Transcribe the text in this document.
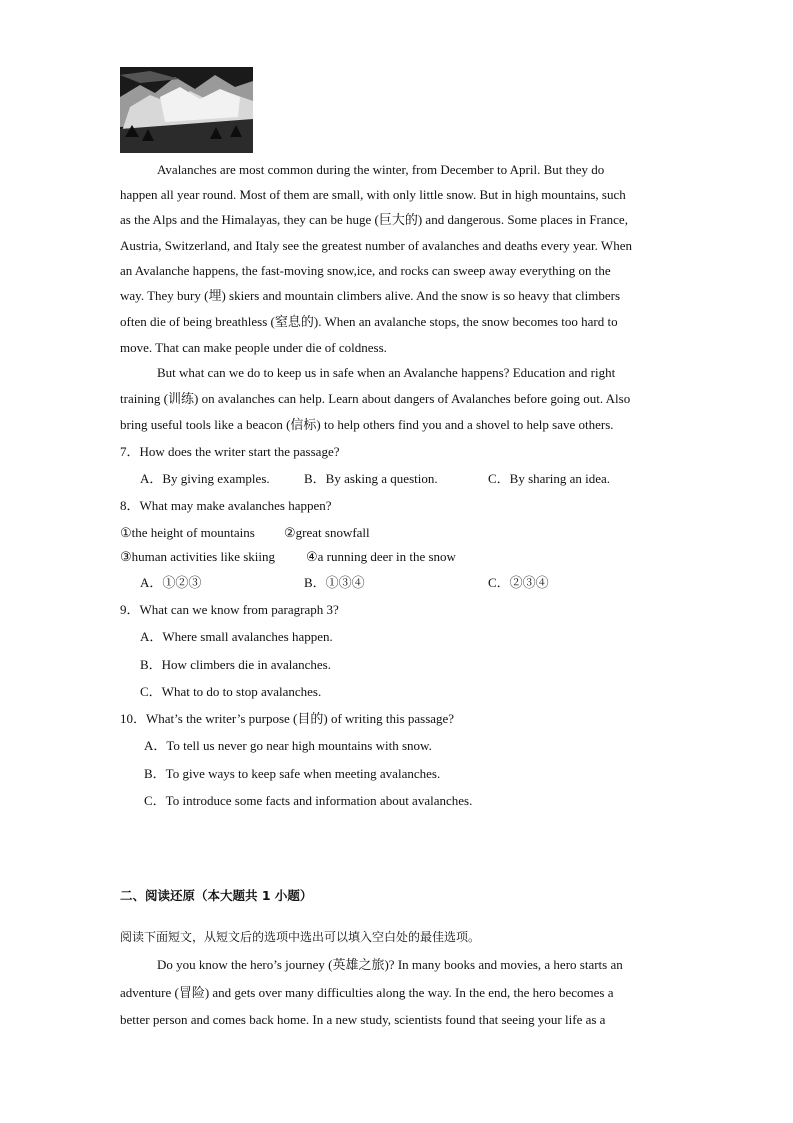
Avalanches are most common during the winter, from December to April. But they do
happen all year round. Most of them are small, with only little snow. But in high mountains, such
as the Alps and the Himalayas, they can be huge (巨大的) and dangerous. Some places in France,
Austria, Switzerland, and Italy see the greatest number of avalanches and deaths every year. When
an Avalanche happens, the fast-moving snow,ice, and rocks can sweep away everything on the
way. They bury (埋) skiers and mountain climbers alive. And the snow is so heavy that climbers
often die of being breathless (窒息的). When an avalanche stops, the snow becomes too hard to
move. That can make people under die of coldness.
But what can we do to keep us in safe when an Avalanche happens? Education and right
training (训练) on avalanches can help. Learn about dangers of Avalanches before going out. Also
bring useful tools like a beacon (信标) to help others find you and a shovel to help save others.
7．How does the writer start the passage?
A．By giving examples.	B．By asking a question.	C．By sharing an idea.
8．What may make avalanches happen?
①the height of mountains ②great snowfall
③human activities like skiing ④a running deer in the snow
A．①②③	B．①③④	C．②③④
9．What can we know from paragraph 3?
A．Where small avalanches happen.
B．How climbers die in avalanches.
C．What to do to stop avalanches.
10．What’s the writer’s purpose (目的) of writing this passage?
A．To tell us never go near high mountains with snow.
B．To give ways to keep safe when meeting avalanches.
C．To introduce some facts and information about avalanches.
二、阅读还原（本大题共 1 小题）
阅读下面短文，从短文后的选项中选出可以填入空白处的最佳选项。
Do you know the hero’s journey (英雄之旅)? In many books and movies, a hero starts an
adventure (冒险) and gets over many difficulties along the way. In the end, the hero becomes a
better person and comes back home. In a new study, scientists found that seeing your life as a
